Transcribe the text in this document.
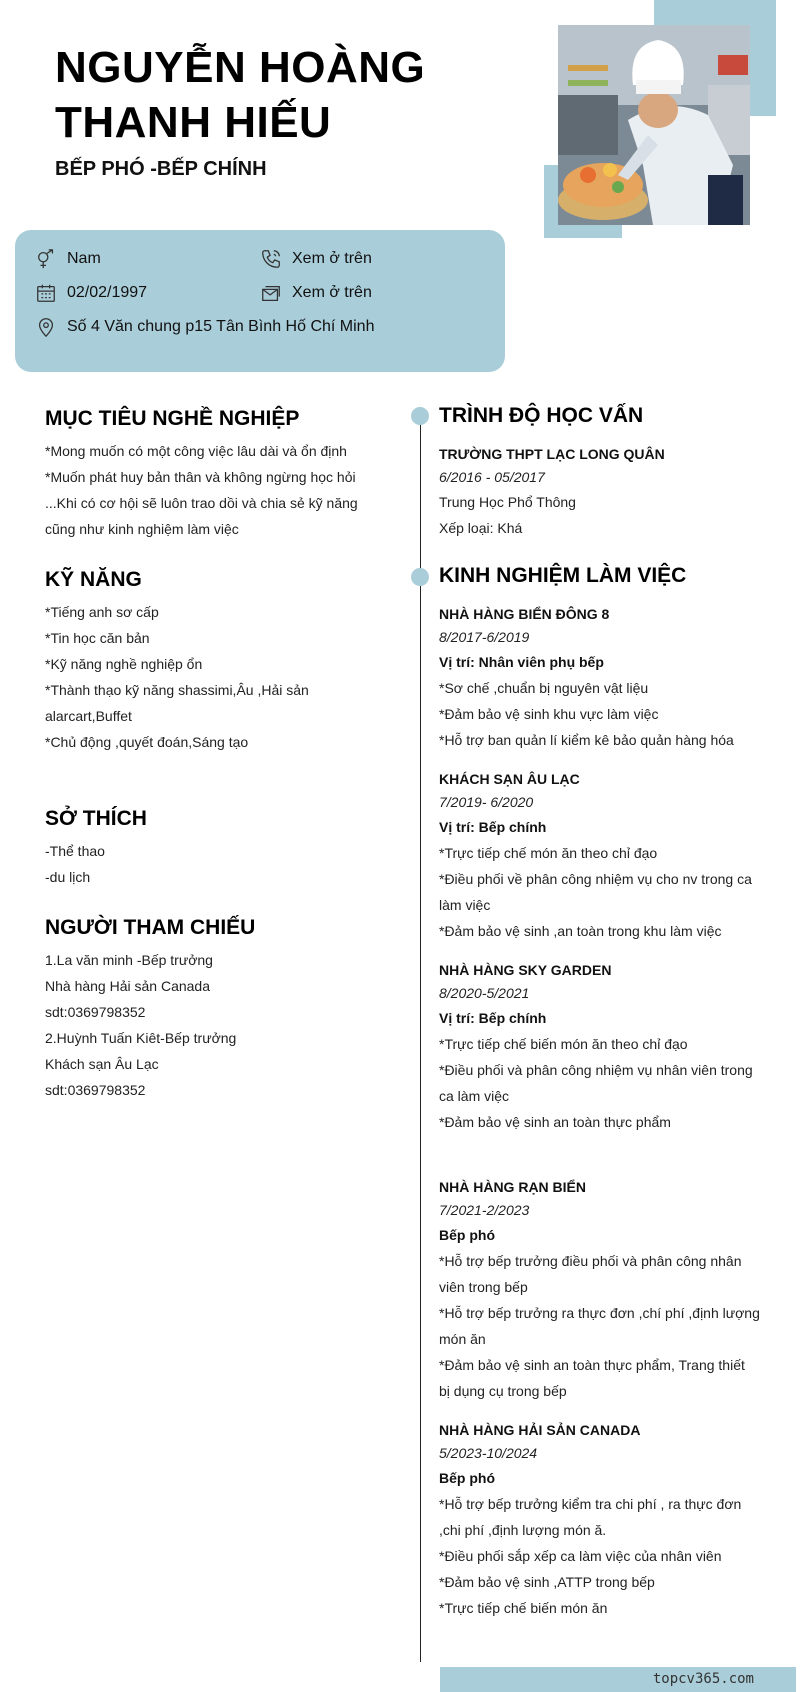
NGUYỄN HOÀNG
THANH HIẾU
BẾP PHÓ -BẾP CHÍNH
Nam	Xem ở trên
02/02/1997	Xem ở trên
Số 4 Văn chung p15 Tân Bình Hố Chí Minh
MỤC TIÊU NGHỀ NGHIỆP
*Mong muốn có một công việc lâu dài và ổn định
*Muốn phát huy bản thân và không ngừng học hỏi
...Khi có cơ hội sẽ luôn trao dồi và chia sẻ kỹ năng
cũng như kinh nghiệm làm việc
KỸ NĂNG
*Tiếng anh sơ cấp
*Tin học căn bản
*Kỹ năng nghề nghiệp ổn
*Thành thạo kỹ năng shassimi,Âu ,Hải sản
alarcart,Buffet
*Chủ động ,quyết đoán,Sáng tạo
SỞ THÍCH
-Thể thao
-du lịch
NGƯỜI THAM CHIẾU
1.La văn minh -Bếp trưởng
Nhà hàng Hải sản Canada
sdt:0369798352
2.Huỳnh Tuấn Kiêt-Bếp trưởng
Khách sạn Âu Lạc
sdt:0369798352
TRÌNH ĐỘ HỌC VẤN
TRƯỜNG THPT LẠC LONG QUÂN
6/2016 - 05/2017
Trung Học Phổ Thông
Xếp loại: Khá
KINH NGHIỆM LÀM VIỆC
NHÀ HÀNG BIỂN ĐÔNG 8
8/2017-6/2019
Vị trí: Nhân viên phụ bếp
*Sơ chế ,chuẩn bị nguyên vật liệu
*Đảm bảo vệ sinh khu vực làm việc
*Hỗ trợ ban quản lí kiểm kê bảo quản hàng hóa
KHÁCH SẠN ÂU LẠC
7/2019- 6/2020
Vị trí: Bếp chính
*Trực tiếp chế món ăn theo chỉ đạo
*Điều phối về phân công nhiệm vụ cho nv trong ca
làm việc
*Đảm bảo vệ sinh ,an toàn trong khu làm việc
NHÀ HÀNG SKY GARDEN
8/2020-5/2021
Vị trí: Bếp chính
*Trực tiếp chế biến món ăn theo chỉ đạo
*Điều phối và phân công nhiệm vụ nhân viên trong
ca làm việc
*Đảm bảo vệ sinh an toàn thực phẩm
NHÀ HÀNG RẠN BIỂN
7/2021-2/2023
Bếp phó
*Hỗ trợ bếp trưởng điều phối và phân công nhân
viên trong bếp
*Hỗ trợ bếp trưởng ra thực đơn ,chí phí ,định lượng
món ăn
*Đảm bảo vệ sinh an toàn thực phẩm, Trang thiết
bị dụng cụ trong bếp
NHÀ HÀNG HẢI SẢN CANADA
5/2023-10/2024
Bếp phó
*Hỗ trợ bếp trưởng kiểm tra chi phí , ra thực đơn
,chi phí ,định lượng món ă.
*Điều phối sắp xếp ca làm việc của nhân viên
*Đảm bảo vệ sinh ,ATTP trong bếp
*Trực tiếp chế biến món ăn
topcv365.com
